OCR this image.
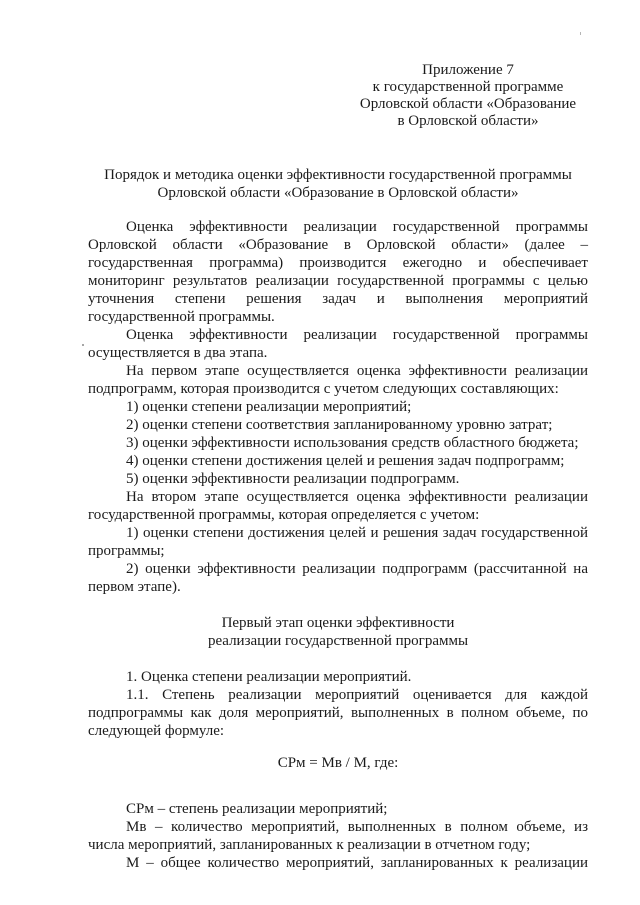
Приложение 7
к государственной программе
Орловской области «Образование
в Орловской области»
Порядок и методика оценки эффективности государственной программы
Орловской области «Образование в Орловской области»

Оценка эффективности реализации государственной программы Орловской области «Образование в Орловской области» (далее – государственная программа) производится ежегодно и обеспечивает мониторинг результатов реализации государственной программы с целью уточнения степени решения задач и выполнения мероприятий государственной программы.

Оценка эффективности реализации государственной программы осуществляется в два этапа.

На первом этапе осуществляется оценка эффективности реализации подпрограмм, которая производится с учетом следующих составляющих:

1) оценки степени реализации мероприятий;

2) оценки степени соответствия запланированному уровню затрат;

3) оценки эффективности использования средств областного бюджета;

4) оценки степени достижения целей и решения задач подпрограмм;

5) оценки эффективности реализации подпрограмм.

На втором этапе осуществляется оценка эффективности реализации государственной программы, которая определяется с учетом:

1) оценки степени достижения целей и решения задач государственной программы;

2) оценки эффективности реализации подпрограмм (рассчитанной на первом этапе).

Первый этап оценки эффективности

реализации государственной программы

1. Оценка степени реализации мероприятий.

1.1. Степень реализации мероприятий оценивается для каждой подпрограммы как доля мероприятий, выполненных в полном объеме, по следующей формуле:

СРм = Мв / М, где:

СРм – степень реализации мероприятий;

Мв – количество мероприятий, выполненных в полном объеме, из числа мероприятий, запланированных к реализации в отчетном году;

М – общее количество мероприятий, запланированных к реализации
